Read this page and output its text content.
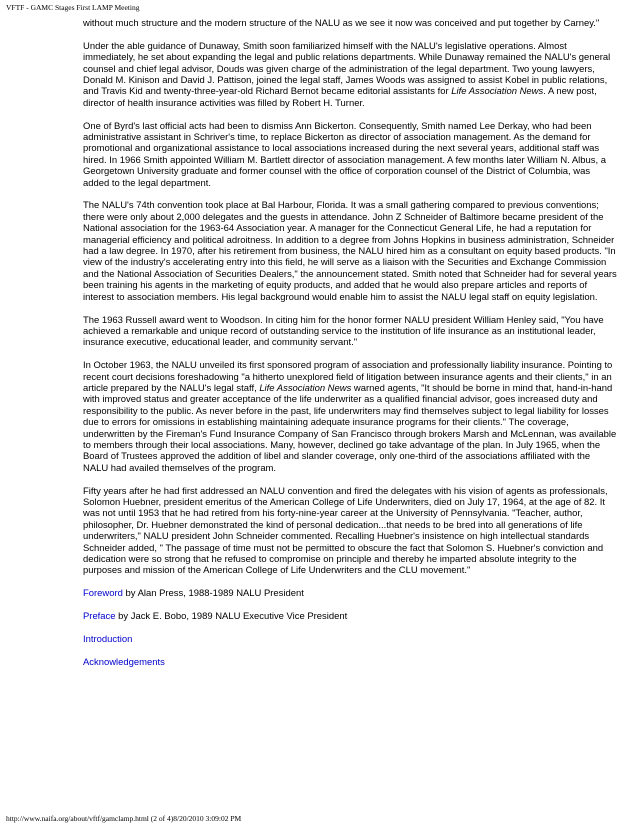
VFTF - GAMC Stages First LAMP Meeting

without much structure and the modern structure of the NALU as we see it now was conceived and put together by Carney."

Under the able guidance of Dunaway, Smith soon familiarized himself with the NALU's legislative operations. Almost immediately, he set about expanding the legal and public relations departments. While Dunaway remained the NALU's general counsel and chief legal advisor, Douds was given charge of the administration of the legal department. Two young lawyers, Donald M. Kinison and David J. Pattison, joined the legal staff, James Woods was assigned to assist Kobel in public relations, and Travis Kid and twenty-three-year-old Richard Bernot became editorial assistants for Life Association News. A new post, director of health insurance activities was filled by Robert H. Turner.

One of Byrd's last official acts had been to dismiss Ann Bickerton. Consequently, Smith named Lee Derkay, who had been administrative assistant in Schriver's time, to replace Bickerton as director of association management. As the demand for promotional and organizational assistance to local associations increased during the next several years, additional staff was hired. In 1966 Smith appointed William M. Bartlett director of association management. A few months later William N. Albus, a Georgetown University graduate and former counsel with the office of corporation counsel of the District of Columbia, was added to the legal department.

The NALU's 74th convention took place at Bal Harbour, Florida. It was a small gathering compared to previous conventions; there were only about 2,000 delegates and the guests in attendance. John Z Schneider of Baltimore became president of the National association for the 1963-64 Association year. A manager for the Connecticut General Life, he had a reputation for managerial efficiency and political adroitness. In addition to a degree from Johns Hopkins in business administration, Schneider had a law degree. In 1970, after his retirement from business, the NALU hired him as a consultant on equity based products. "In view of the industry's accelerating entry into this field, he will serve as a liaison with the Securities and Exchange Commission and the National Association of Securities Dealers," the announcement stated. Smith noted that Schneider had for several years been training his agents in the marketing of equity products, and added that he would also prepare articles and reports of interest to association members. His legal background would enable him to assist the NALU legal staff on equity legislation.

The 1963 Russell award went to Woodson. In citing him for the honor former NALU president William Henley said, "You have achieved a remarkable and unique record of outstanding service to the institution of life insurance as an institutional leader, insurance executive, educational leader, and community servant."

In October 1963, the NALU unveiled its first sponsored program of association and professionally liability insurance. Pointing to recent court decisions foreshadowing "a hitherto unexplored field of litigation between insurance agents and their clients," in an article prepared by the NALU's legal staff, Life Association News warned agents, "It should be borne in mind that, hand-in-hand with improved status and greater acceptance of the life underwriter as a qualified financial advisor, goes increased duty and responsibility to the public. As never before in the past, life underwriters may find themselves subject to legal liability for losses due to errors for omissions in establishing maintaining adequate insurance programs for their clients." The coverage, underwritten by the Fireman's Fund Insurance Company of San Francisco through brokers Marsh and McLennan, was available to members through their local associations. Many, however, declined go take advantage of the plan. In July 1965, when the Board of Trustees approved the addition of libel and slander coverage, only one-third of the associations affiliated with the NALU had availed themselves of the program.

Fifty years after he had first addressed an NALU convention and fired the delegates with his vision of agents as professionals, Solomon Huebner, president emeritus of the American College of Life Underwriters, died on July 17, 1964, at the age of 82. It was not until 1953 that he had retired from his forty-nine-year career at the University of Pennsylvania. "Teacher, author, philosopher, Dr. Huebner demonstrated the kind of personal dedication...that needs to be bred into all generations of life underwriters," NALU president John Schneider commented. Recalling Huebner's insistence on high intellectual standards Schneider added, " The passage of time must not be permitted to obscure the fact that Solomon S. Huebner's conviction and dedication were so strong that he refused to compromise on principle and thereby he imparted absolute integrity to the purposes and mission of the American College of Life Underwriters and the CLU movement."

Foreword by Alan Press, 1988-1989 NALU President

Preface by Jack E. Bobo, 1989 NALU Executive Vice President

Introduction

Acknowledgements

http://www.naifa.org/about/vftf/gamclamp.html (2 of 4)8/20/2010 3:09:02 PM
